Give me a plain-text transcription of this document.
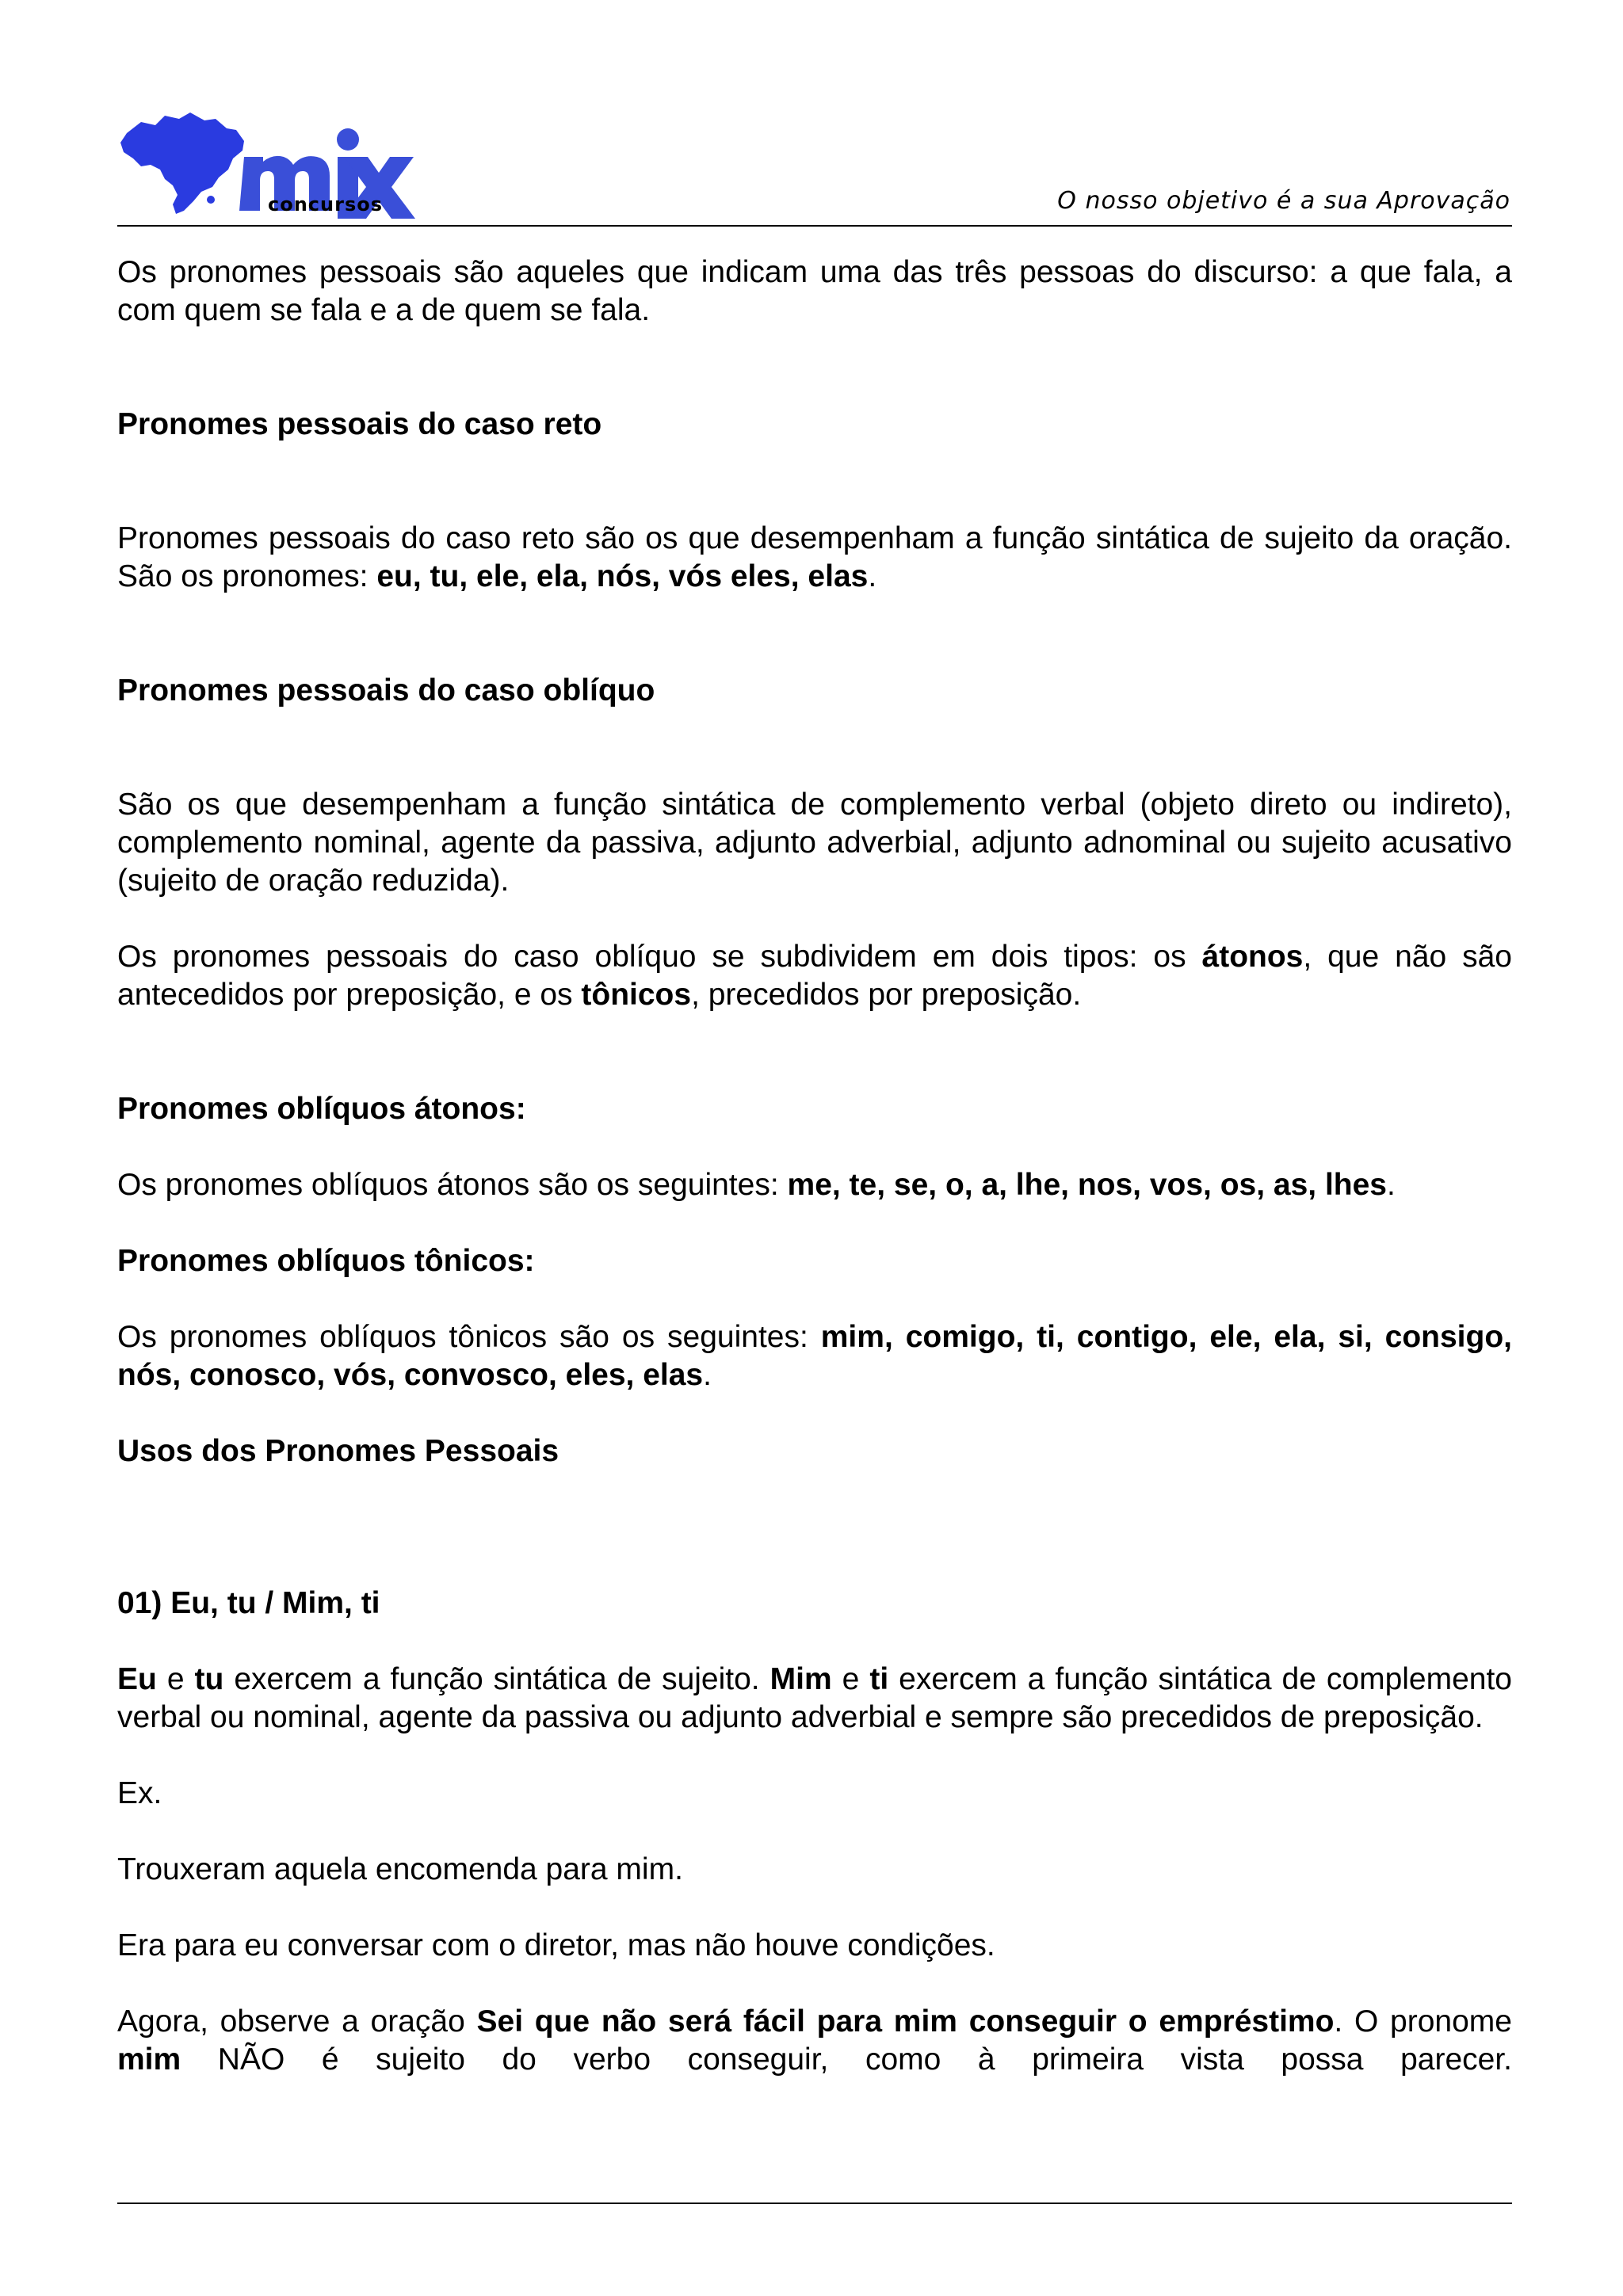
concursos	O nosso objetivo é a sua Aprovação

Os pronomes pessoais são aqueles que indicam uma das três pessoas do discurso: a que fala, a com quem se fala e a de quem se fala.

Pronomes pessoais do caso reto

Pronomes pessoais do caso reto são os que desempenham a função sintática de sujeito da oração. São os pronomes: eu, tu, ele, ela, nós, vós eles, elas.

Pronomes pessoais do caso oblíquo

São os que desempenham a função sintática de complemento verbal (objeto direto ou indireto), complemento nominal, agente da passiva, adjunto adverbial, adjunto adnominal ou sujeito acusativo (sujeito de oração reduzida).

Os pronomes pessoais do caso oblíquo se subdividem em dois tipos: os átonos, que não são antecedidos por preposição, e os tônicos, precedidos por preposição.

Pronomes oblíquos átonos:

Os pronomes oblíquos átonos são os seguintes: me, te, se, o, a, lhe, nos, vos, os, as, lhes.

Pronomes oblíquos tônicos:

Os pronomes oblíquos tônicos são os seguintes: mim, comigo, ti, contigo, ele, ela, si, consigo, nós, conosco, vós, convosco, eles, elas.

Usos dos Pronomes Pessoais

01) Eu, tu / Mim, ti

Eu e tu exercem a função sintática de sujeito. Mim e ti exercem a função sintática de complemento verbal ou nominal, agente da passiva ou adjunto adverbial e sempre são precedidos de preposição.

Ex.

Trouxeram aquela encomenda para mim.

Era para eu conversar com o diretor, mas não houve condições.

Agora, observe a oração Sei que não será fácil para mim conseguir o empréstimo. O pronome mim NÃO é sujeito do verbo conseguir, como à primeira vista possa parecer.
